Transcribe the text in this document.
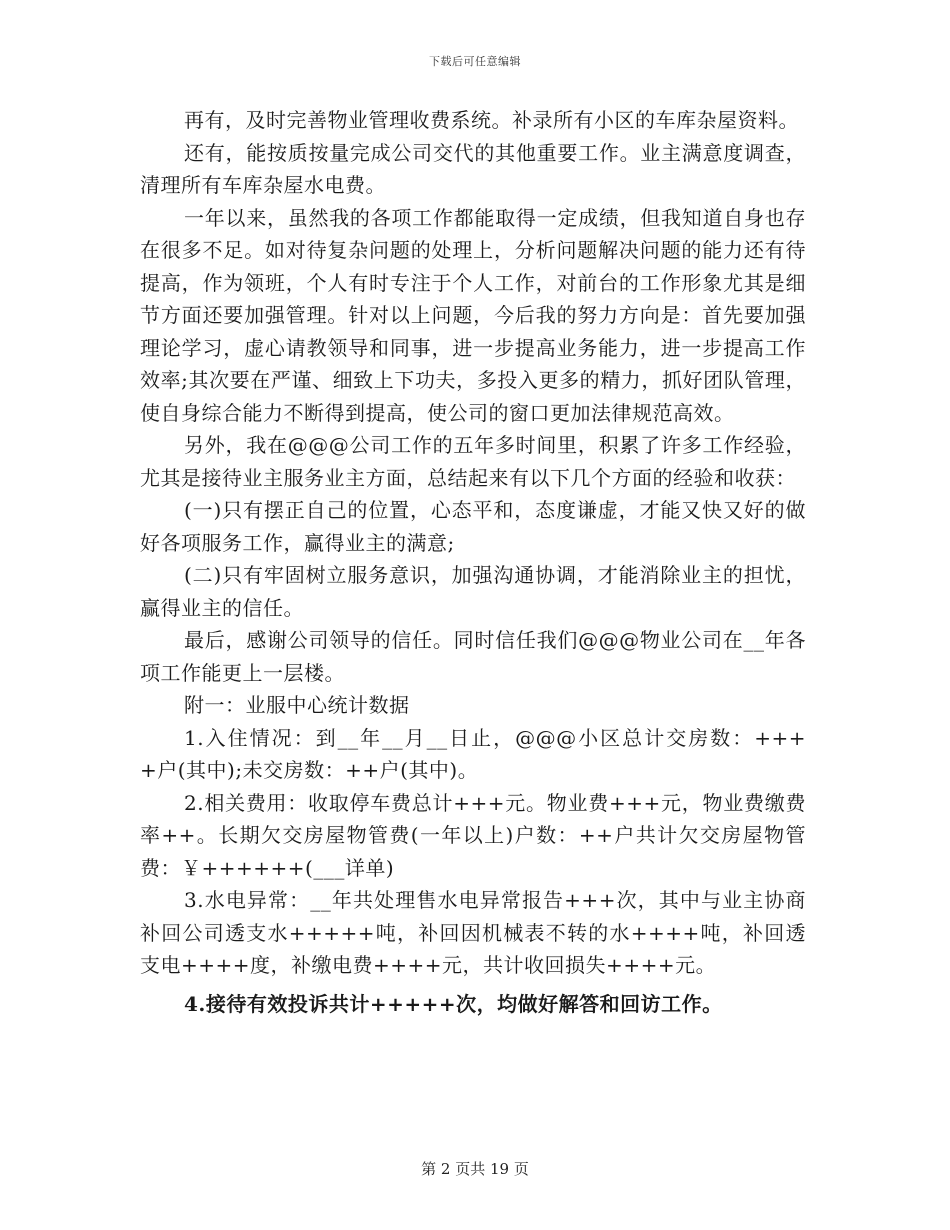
下载后可任意编辑

再有，及时完善物业管理收费系统。补录所有小区的车库杂屋资料。

还有，能按质按量完成公司交代的其他重要工作。业主满意度调查，清理所有车库杂屋水电费。

一年以来，虽然我的各项工作都能取得一定成绩，但我知道自身也存在很多不足。如对待复杂问题的处理上，分析问题解决问题的能力还有待提高，作为领班，个人有时专注于个人工作，对前台的工作形象尤其是细节方面还要加强管理。针对以上问题，今后我的努力方向是：首先要加强理论学习，虚心请教领导和同事，进一步提高业务能力，进一步提高工作效率;其次要在严谨、细致上下功夫，多投入更多的精力，抓好团队管理，使自身综合能力不断得到提高，使公司的窗口更加法律规范高效。

另外，我在@@@公司工作的五年多时间里，积累了许多工作经验，尤其是接待业主服务业主方面，总结起来有以下几个方面的经验和收获：

(一)只有摆正自己的位置，心态平和，态度谦虚，才能又快又好的做好各项服务工作，赢得业主的满意;

(二)只有牢固树立服务意识，加强沟通协调，才能消除业主的担忧，赢得业主的信任。

最后，感谢公司领导的信任。同时信任我们@@@物业公司在__年各项工作能更上一层楼。

附一：业服中心统计数据

1.入住情况：到__年__月__日止，@@@小区总计交房数：++++户(其中);未交房数：++户(其中)。

2.相关费用：收取停车费总计+++元。物业费+++元，物业费缴费率++。长期欠交房屋物管费(一年以上)户数：++户共计欠交房屋物管费：￥++++++(___详单)

3.水电异常：__年共处理售水电异常报告+++次，其中与业主协商补回公司透支水+++++吨，补回因机械表不转的水++++吨，补回透支电++++度，补缴电费++++元，共计收回损失++++元。

4.接待有效投诉共计+++++次，均做好解答和回访工作。

第 2 页共 19 页
